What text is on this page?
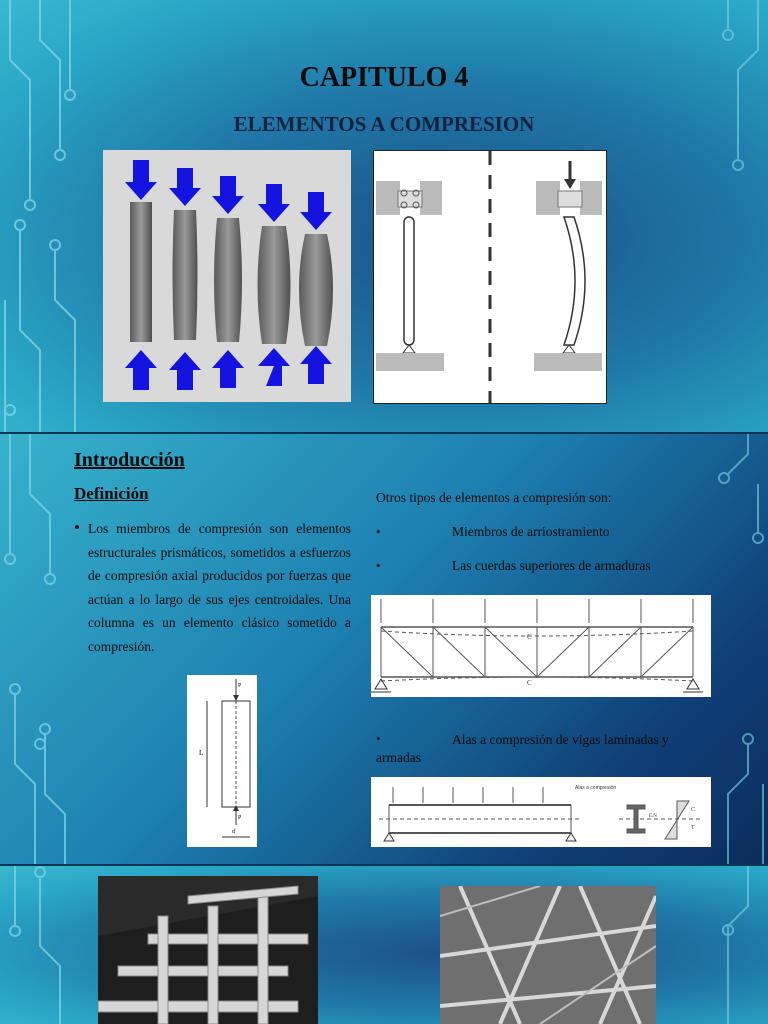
CAPITULO 4
ELEMENTOS A COMPRESION
Introducción
Definición
• Los miembros de compresión son elementos estructurales prismáticos, sometidos a esfuerzos de compresión axial producidos por fuerzas que actúan a lo largo de sus ejes centroidales. Una columna es un elemento clásico sometido a compresión.
P
P
L
d
Otros tipos de elementos a compresión son:
•	Miembros de arriostramiento
•	Las cuerdas superiores de armaduras
C
C
•	Alas a compresión de vigas laminadas y armadas
Alas a compresión
C
T
E.N
